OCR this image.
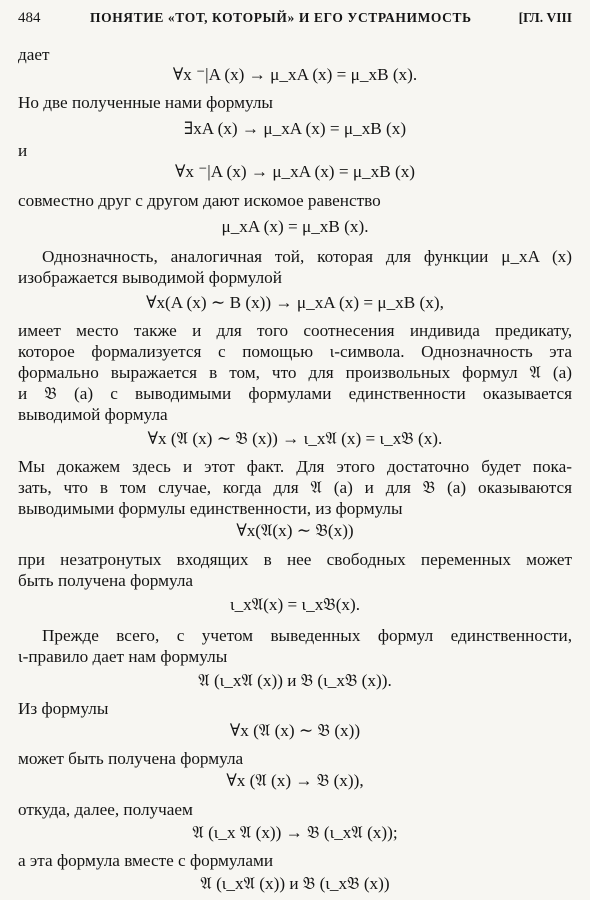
484	ПОНЯТИЕ «ТОТ, КОТОРЫЙ» И ЕГО УСТРАНИМОСТЬ	[ГЛ. VIII
дает
∀x ⁻|A (x) → μ_xA (x) = μ_xB (x).
Но две полученные нами формулы
∃xA (x) → μ_xA (x) = μ_xB (x)
и
∀x ⁻|A (x) → μ_xA (x) = μ_xB (x)
совместно друг с другом дают искомое равенство
μ_xA (x) = μ_xB (x).
Однозначность, аналогичная той, которая для функции μ_xA (x)
изображается выводимой формулой
∀x(A (x) ∼ B (x)) → μ_xA (x) = μ_xB (x),
имеет место также и для того соотнесения индивида предикату,
которое формализуется с помощью ι-символа. Однозначность эта
формально выражается в том, что для произвольных формул 𝔄 (a)
и 𝔅 (a) с выводимыми формулами единственности оказывается
выводимой формула
∀x (𝔄 (x) ∼ 𝔅 (x)) → ι_x𝔄 (x) = ι_x𝔅 (x).
Мы докажем здесь и этот факт. Для этого достаточно будет пока-
зать, что в том случае, когда для 𝔄 (a) и для 𝔅 (a) оказываются
выводимыми формулы единственности, из формулы
∀x(𝔄(x) ∼ 𝔅(x))
при незатронутых входящих в нее свободных переменных может
быть получена формула
ι_x𝔄(x) = ι_x𝔅(x).
Прежде всего, с учетом выведенных формул единственности,
ι-правило дает нам формулы
𝔄 (ι_x𝔄 (x)) и 𝔅 (ι_x𝔅 (x)).
Из формулы
∀x (𝔄 (x) ∼ 𝔅 (x))
может быть получена формула
∀x (𝔄 (x) → 𝔅 (x)),
откуда, далее, получаем
𝔄 (ι_x 𝔄 (x)) → 𝔅 (ι_x𝔄 (x));
а эта формула вместе с формулами
𝔄 (ι_x𝔄 (x)) и 𝔅 (ι_x𝔅 (x))
